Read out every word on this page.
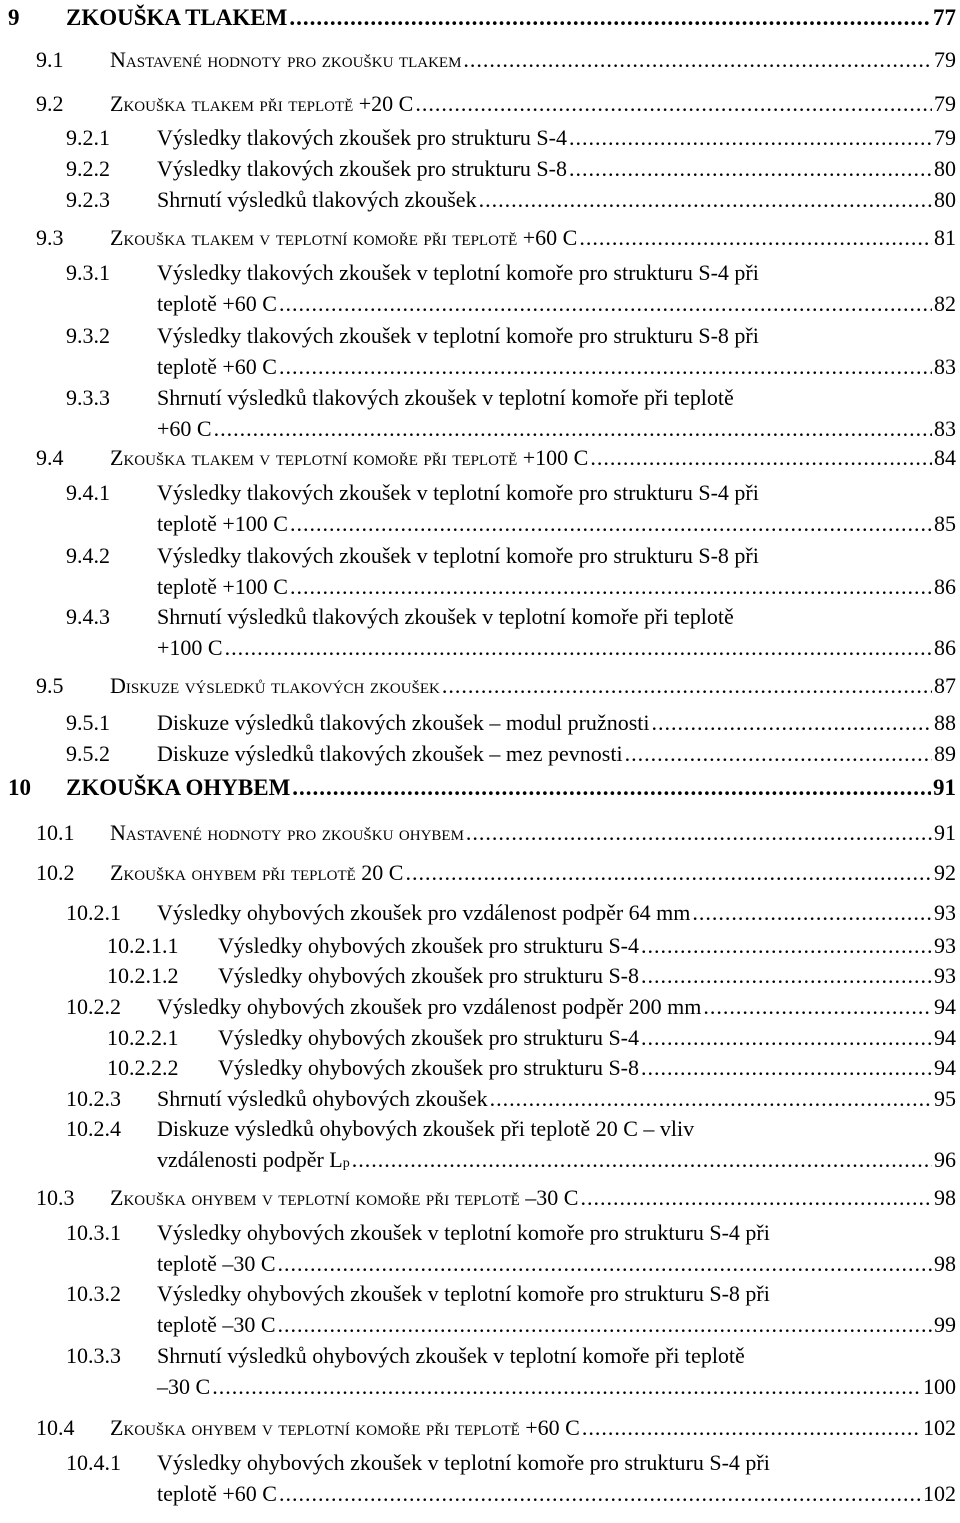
9 ZKOUŠKA TLAKEM .....	77
9.1 Nastavené hodnoty pro zkoušku tlakem .....	79
9.2 Zkouška tlakem při teplotě +20 C .....	79
9.2.1 Výsledky tlakových zkoušek pro strukturu S-4 .....	79
9.2.2 Výsledky tlakových zkoušek pro strukturu S-8 .....	80
9.2.3 Shrnutí výsledků tlakových zkoušek .....	80
9.3 Zkouška tlakem v teplotní komoře při teplotě +60 C .....	81
9.3.1 Výsledky tlakových zkoušek v teplotní komoře pro strukturu S-4 při
teplotě +60 C .....	82
9.3.2 Výsledky tlakových zkoušek v teplotní komoře pro strukturu S-8 při
teplotě +60 C .....	83
9.3.3 Shrnutí výsledků tlakových zkoušek v teplotní komoře při teplotě
+60 C .....	83
9.4 Zkouška tlakem v teplotní komoře při teplotě +100 C .....	84
9.4.1 Výsledky tlakových zkoušek v teplotní komoře pro strukturu S-4 při
teplotě +100 C .....	85
9.4.2 Výsledky tlakových zkoušek v teplotní komoře pro strukturu S-8 při
teplotě +100 C .....	86
9.4.3 Shrnutí výsledků tlakových zkoušek v teplotní komoře při teplotě
+100 C .....	86
9.5 Diskuze výsledků tlakových zkoušek .....	87
9.5.1 Diskuze výsledků tlakových zkoušek – modul pružnosti .....	88
9.5.2 Diskuze výsledků tlakových zkoušek – mez pevnosti .....	89
10 ZKOUŠKA OHYBEM .....	91
10.1 Nastavené hodnoty pro zkoušku ohybem .....	91
10.2 Zkouška ohybem při teplotě 20 C .....	92
10.2.1 Výsledky ohybových zkoušek pro vzdálenost podpěr 64 mm .....	93
10.2.1.1 Výsledky ohybových zkoušek pro strukturu S-4 .....	93
10.2.1.2 Výsledky ohybových zkoušek pro strukturu S-8 .....	93
10.2.2 Výsledky ohybových zkoušek pro vzdálenost podpěr 200 mm .....	94
10.2.2.1 Výsledky ohybových zkoušek pro strukturu S-4 .....	94
10.2.2.2 Výsledky ohybových zkoušek pro strukturu S-8 .....	94
10.2.3 Shrnutí výsledků ohybových zkoušek .....	95
10.2.4 Diskuze výsledků ohybových zkoušek při teplotě 20 C – vliv
vzdálenosti podpěr L p .....	96
10.3 Zkouška ohybem v teplotní komoře při teplotě –30 C .....	98
10.3.1 Výsledky ohybových zkoušek v teplotní komoře pro strukturu S-4 při
teplotě –30 C .....	98
10.3.2 Výsledky ohybových zkoušek v teplotní komoře pro strukturu S-8 při
teplotě –30 C .....	99
10.3.3 Shrnutí výsledků ohybových zkoušek v teplotní komoře při teplotě
–30 C .....	100
10.4 Zkouška ohybem v teplotní komoře při teplotě +60 C .....	102
10.4.1 Výsledky ohybových zkoušek v teplotní komoře pro strukturu S-4 při
teplotě +60 C .....	102
